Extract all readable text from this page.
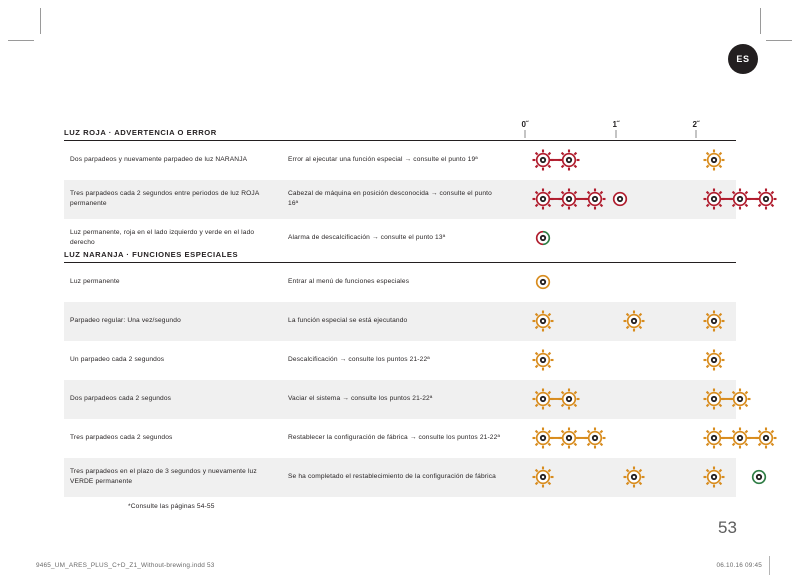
ES
LUZ ROJA · ADVERTENCIA O ERROR
0˝	1˝	2˝

Dos parpadeos y nuevamente parpadeo de luz NARANJA	Error al ejecutar una función especial → consulte el punto 19ª

Tres parpadeos cada 2 segundos entre periodos de luz ROJA permanente	Cabezal de máquina en posición desconocida → consulte el punto 16ª

Luz permanente, roja en el lado izquierdo y verde en el lado derecho	Alarma de descalcificación → consulte el punto 13ª

LUZ NARANJA · FUNCIONES ESPECIALES

Luz permanente	Entrar al menú de funciones especiales

Parpadeo regular: Una vez/segundo	La función especial se está ejecutando

Un parpadeo cada 2 segundos	Descalcificación → consulte los puntos 21-22ª

Dos parpadeos cada 2 segundos	Vaciar el sistema → consulte los puntos 21-22ª

Tres parpadeos cada 2 segundos	Restablecer la configuración de fábrica → consulte los puntos 21-22ª

Tres parpadeos en el plazo de 3 segundos y nuevamente luz VERDE permanente	Se ha completado el restablecimiento de la configuración de fábrica

*Consulte las páginas 54-55
53
9465_UM_ARES_PLUS_C+D_Z1_Without-brewing.indd 53	06.10.16 09:45
